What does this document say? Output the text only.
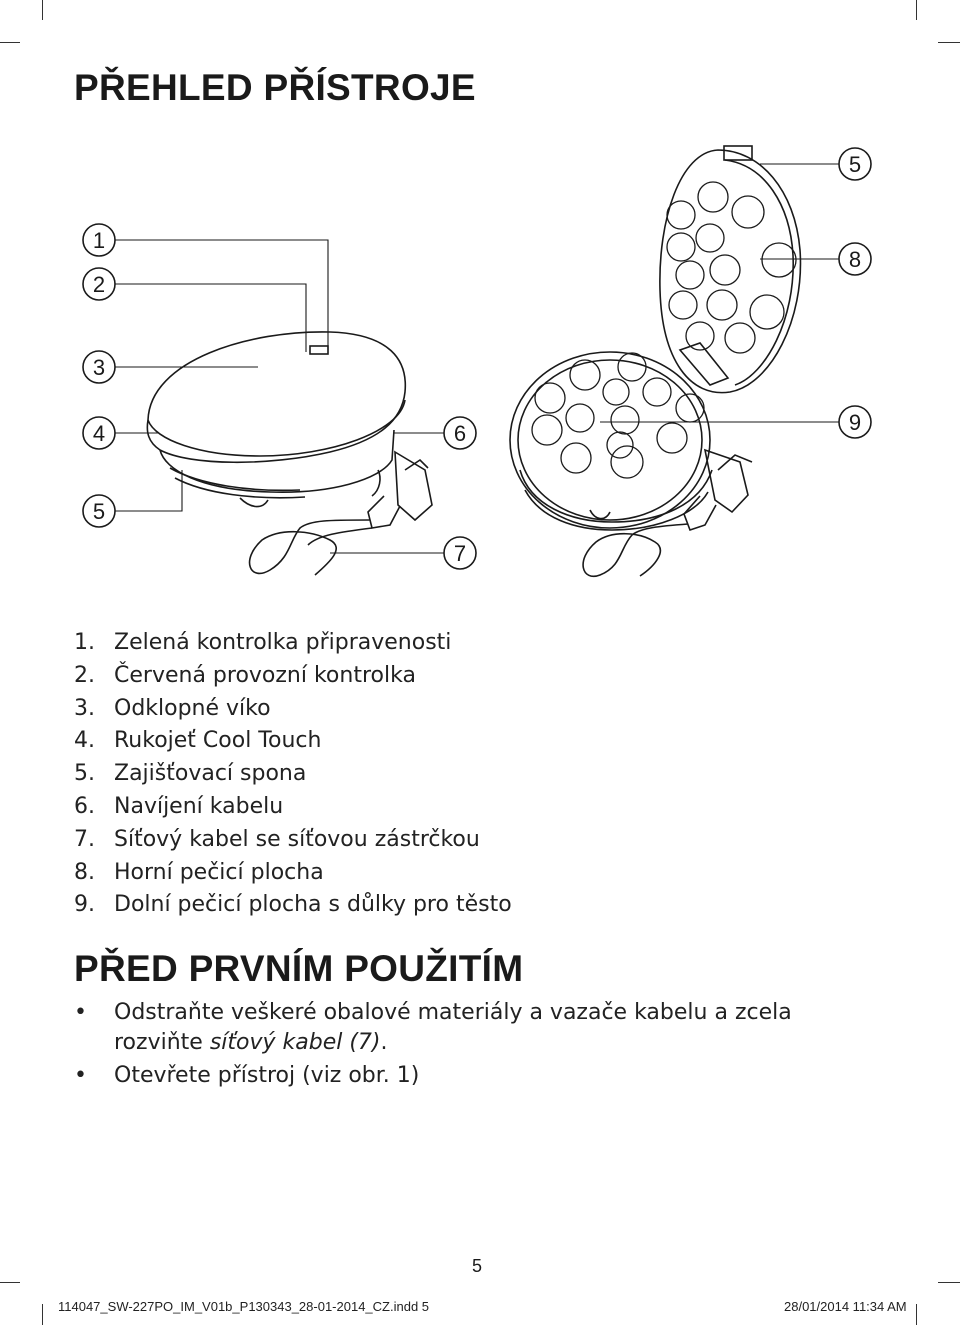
PŘEHLED PŘÍSTROJE
1
2
3
4
5
6
7
5
8
9
1. Zelená kontrolka připravenosti
2. Červená provozní kontrolka
3. Odklopné víko
4. Rukojeť Cool Touch
5. Zajišťovací spona
6. Navíjení kabelu
7. Síťový kabel se síťovou zástrčkou
8. Horní pečicí plocha
9. Dolní pečicí plocha s důlky pro těsto
PŘED PRVNÍM POUŽITÍM
• Odstraňte veškeré obalové materiály a vazače kabelu a zcela rozviňte síťový kabel (7).
• Otevřete přístroj (viz obr. 1)
5
114047_SW-227PO_IM_V01b_P130343_28-01-2014_CZ.indd 5	28/01/2014 11:34 AM
